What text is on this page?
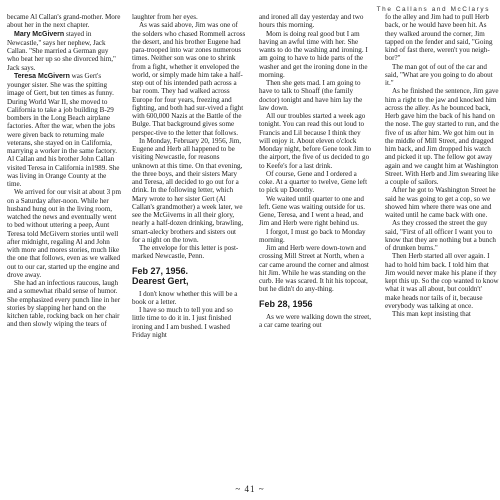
The Callans and McClarys

became Al Callan's grand-mother. More about her in the next chapter.

Mary McGivern stayed in Newcastle," says her nephew, Jack Callan. "She married a German guy who beat her up so she divorced him," Jack says.

Teresa McGivern was Gert's younger sister. She was the spitting image of Gert, but ten times as funny. During World War II, she moved to California to take a job building B-29 bombers in the Long Beach airplane factories. After the war, when the jobs were given back to returning male veterans, she stayed on in California, marrying a worker in the same factory. Al Callan and his brother John Callan visited Teresa in California in1989. She was living in Orange County at the time.

We arrived for our visit at about 3 pm on a Saturday after-noon. While her husband hung out in the living room, watched the news and eventually went to bed without uttering a peep, Aunt Teresa told McGivern stories until well after midnight, regaling Al and John with more and mores stories, much like the one that follows, even as we walked out to our car, started up the engine and drove away.

She had an infectious raucous, laugh and a somewhat ribald sense of humor. She emphasized every punch line in her stories by slapping her hand on the kitchen table, rocking back on her chair and then slowly wiping the tears of

laughter from her eyes.

As was said above, Jim was one of the solders who chased Rommell across the desert, and his brother Eugene had para-trooped into war zones numerous times. Neither son was one to shrink from a fight, whether it enveloped the world, or simply made him take a half-step out of his intended path across a bar room. They had walked across Europe for four years, freezing and fighting, and both had sur-vived a fight with 600,000 Nazis at the Battle of the Bulge. That background gives some perspec-tive to the letter that follows.

In Monday, February 20, 1956, Jim, Eugene and Herb all happened to be visiting Newcastle, for reasons unknown at this time. On that evening, the three boys, and their sisters Mary and Teresa, all decided to go out for a drink. In the following letter, which Mary wrote to her sister Gert (Al Callan's grandmother) a week later, we see the McGiverns in all their glory, nearly a half-dozen drinking, brawling, smart-alecky brothers and sisters out for a night on the town.

The envelope for this letter is post-marked Newcastle, Penn.

Feb 27, 1956.
Dearest Gert,

I don't know whether this will be a book or a letter.

I have so much to tell you and so little time to do it in. I just finished ironing and I am bushed. I washed Friday night

and ironed all day yesterday and two hours this morning.

Mom is doing real good but I am having an awful time with her. She wants to do the washing and ironing. I am going to have to hide parts of the washer and get the ironing done in the morning.

Then she gets mad. I am going to have to talk to Shoaff (the family doctor) tonight and have him lay the law down.

All our troubles started a week ago tonight. You can read this out loud to Francis and Lil because I think they will enjoy it. About eleven o'clock Monday night, before Gene took Jim to the airport, the five of us decided to go to Keefe's for a last drink.

Of course, Gene and I ordered a coke. At a quarter to twelve, Gene left to pick up Dorothy.

We waited until quarter to one and left. Gene was waiting outside for us. Gene, Teresa, and I went a head, and Jim and Herb were right behind us.

I forgot, I must go back to Monday morning.

Jim and Herb were down-town and crossing Mill Street at North, when a car came around the corner and almost hit Jim. While he was standing on the curb. He was scared. It hit his topcoat, but he didn't do any-thing.

Feb 28, 1956

As we were walking down the street, a car came tearing out

fo the alley and Jim had to pull Herb back, or he would have been hit. As they walked around the corner, Jim tapped on the fender and said, "Going kind of fast there, weren't you neigh-bor?"

The man got of out of the car and said, "What are you going to do about it."

As he finished the sentence, Jim gave him a right to the jaw and knocked him across the alley. As he bounced back, Herb gave him the back of his hand on the nose. The guy started to run, and the five of us after him. We got him out in the middle of Mill Street, and dragged him back, and Jim dropped his watch and picked it up. The fellow got away again and we caught him at Washington Street. With Herb and Jim swearing like a couple of sailors.

After he got to Washington Street he said he was going to get a cop, so we showed him where there was one and waited until he came back with one.

As they crossed the street the guy said, "First of all officer I want you to know that they are nothing but a bunch of drunken bums."

Then Herb started all over again. I had to hold him back. I told him that Jim would never make his plane if they kept this up. So the cop wanted to know what it was all about, but couldn't' make heads nor tails of it, because everybody was talking at once.

This man kept insisting that

~ 41 ~
